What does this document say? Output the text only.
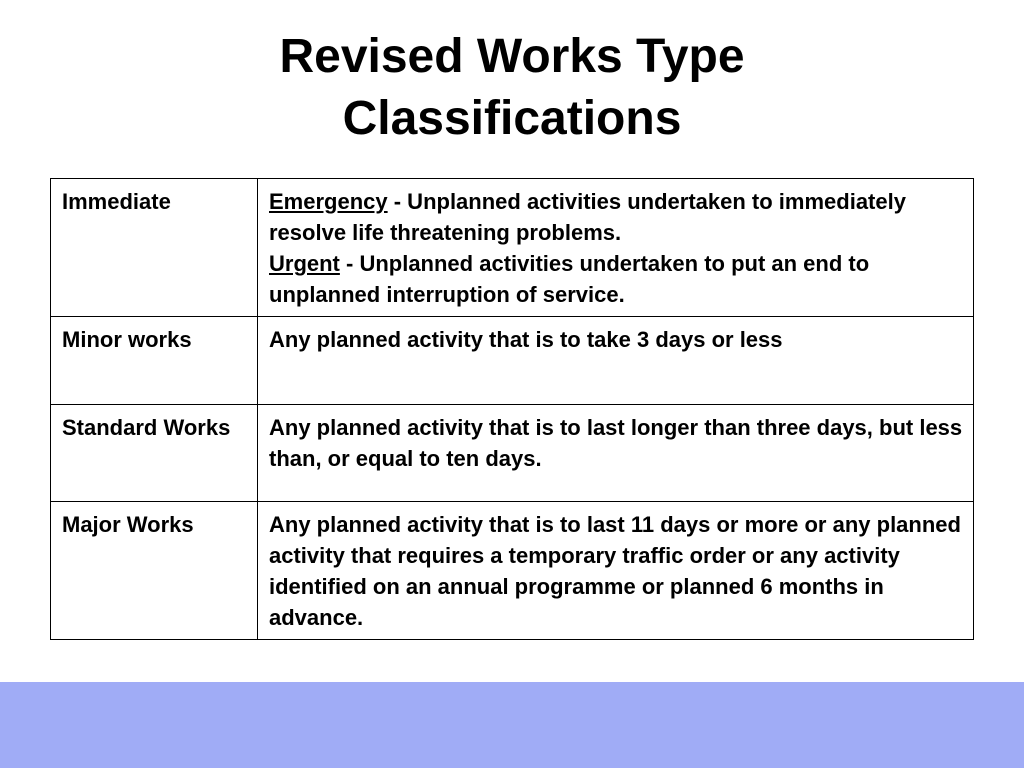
Revised Works Type
Classifications
Immediate	Emergency - Unplanned activities undertaken to immediately resolve life threatening problems.
Urgent - Unplanned activities undertaken to put an end to unplanned interruption of service.

Minor works	Any planned activity that is to take 3 days or less
Standard Works	Any planned activity that is to last longer than three days, but less than, or equal to ten days.
Major Works	Any planned activity that is to last 11 days or more or any planned activity that requires a temporary traffic order or any activity identified on an annual programme or planned 6 months in advance.
